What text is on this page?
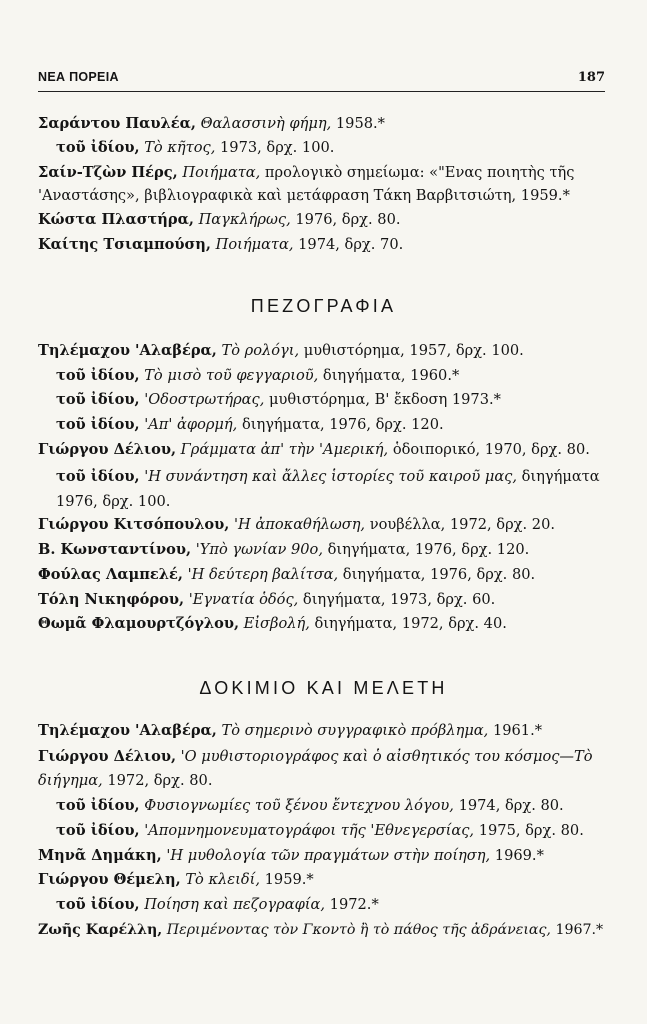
ΝΕΑ ΠΟΡΕΙΑ	187
Σαράντου Παυλέα, Θαλασσινὴ φήμη, 1958.*
τοῦ ἰδίου, Τὸ κῆτος, 1973, δρχ. 100.
Σαίν-Τζὼν Πέρς, Ποιήματα, προλογικὸ σημείωμα: «"Ενας ποιητὴς τῆς 'Αναστάσης», βιβλιογραφικὰ καὶ μετάφραση Τάκη Βαρβιτσιώτη, 1959.*
Κώστα Πλαστήρα, Παγκλήρως, 1976, δρχ. 80.
Καίτης Τσιαμπούση, Ποιήματα, 1974, δρχ. 70.
ΠΕΖΟΓΡΑΦΙΑ
Τηλέμαχου 'Αλαβέρα, Τὸ ρολόγι, μυθιστόρημα, 1957, δρχ. 100.
τοῦ ἰδίου, Τὸ μισὸ τοῦ φεγγαριοῦ, διηγήματα, 1960.*
τοῦ ἰδίου, 'Οδοστρωτήρας, μυθιστόρημα, Β' ἔκδοση 1973.*
τοῦ ἰδίου, 'Απ' ἀφορμή, διηγήματα, 1976, δρχ. 120.
Γιώργου Δέλιου, Γράμματα ἀπ' τὴν 'Αμερική, ὁδοιπορικό, 1970, δρχ. 80.
τοῦ ἰδίου, 'Η συνάντηση καὶ ἄλλες ἱστορίες τοῦ καιροῦ μας, διηγήματα 1976, δρχ. 100.
Γιώργου Κιτσόπουλου, 'Η ἀποκαθήλωση, νουβέλλα, 1972, δρχ. 20.
Β. Κωνσταντίνου, 'Υπὸ γωνίαν 90ο, διηγήματα, 1976, δρχ. 120.
Φούλας Λαμπελέ, 'Η δεύτερη βαλίτσα, διηγήματα, 1976, δρχ. 80.
Τόλη Νικηφόρου, 'Εγνατία ὁδός, διηγήματα, 1973, δρχ. 60.
Θωμᾶ Φλαμουρτζόγλου, Εἰσβολή, διηγήματα, 1972, δρχ. 40.
ΔΟΚΙΜΙΟ ΚΑΙ ΜΕΛΕΤΗ
Τηλέμαχου 'Αλαβέρα, Τὸ σημερινὸ συγγραφικὸ πρόβλημα, 1961.*
Γιώργου Δέλιου, 'Ο μυθιστοριογράφος καὶ ὁ αἰσθητικός του κόσμος—Τὸ διήγημα, 1972, δρχ. 80.
τοῦ ἰδίου, Φυσιογνωμίες τοῦ ξένου ἔντεχνου λόγου, 1974, δρχ. 80.
τοῦ ἰδίου, 'Απομνημονευματογράφοι τῆς 'Εθνεγερσίας, 1975, δρχ. 80.
Μηνᾶ Δημάκη, 'Η μυθολογία τῶν πραγμάτων στὴν ποίηση, 1969.*
Γιώργου Θέμελη, Τὸ κλειδί, 1959.*
τοῦ ἰδίου, Ποίηση καὶ πεζογραφία, 1972.*
Ζωῆς Καρέλλη, Περιμένοντας τὸν Γκοντὸ ἢ τὸ πάθος τῆς ἀδράνειας, 1967.*
